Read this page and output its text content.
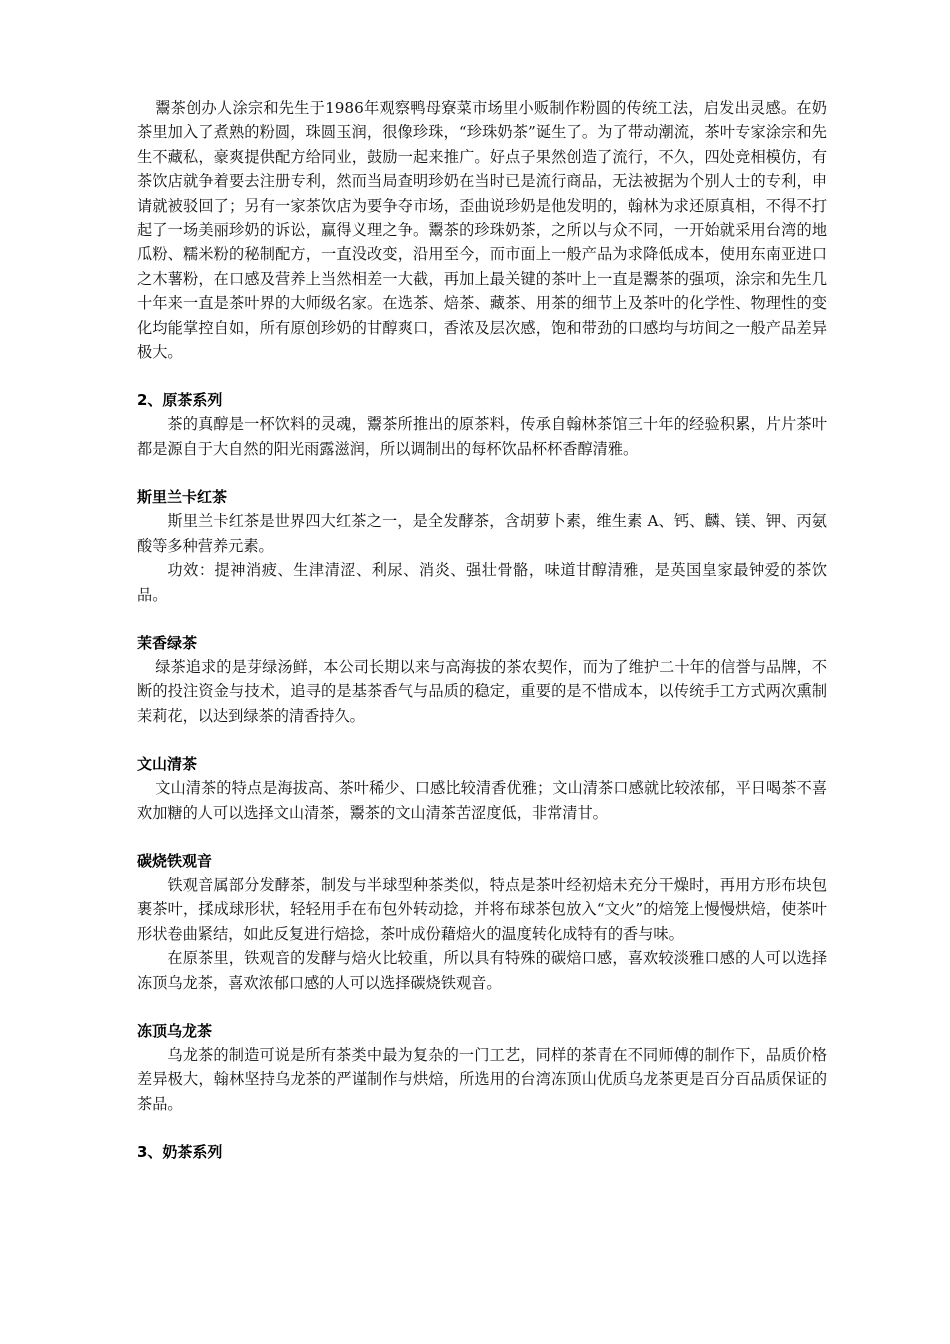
鬻茶创办人涂宗和先生于1986年观察鸭母寮菜市场里小贩制作粉圆的传统工法，启发出灵感。在奶茶里加入了煮熟的粉圆，珠圆玉润，很像珍珠，“珍珠奶茶”诞生了。为了带动潮流，茶叶专家涂宗和先生不藏私，豪爽提供配方给同业，鼓励一起来推广。好点子果然创造了流行，不久，四处竞相模仿，有茶饮店就争着要去注册专利，然而当局查明珍奶在当时已是流行商品，无法被据为个别人士的专利，申请就被驳回了；另有一家茶饮店为要争夺市场，歪曲说珍奶是他发明的，翰林为求还原真相，不得不打起了一场美丽珍奶的诉讼，赢得义理之争。鬻茶的珍珠奶茶，之所以与众不同，一开始就采用台湾的地瓜粉、糯米粉的秘制配方，一直没改变，沿用至今，而市面上一般产品为求降低成本，使用东南亚进口之木薯粉，在口感及营养上当然相差一大截，再加上最关键的茶叶上一直是鬻茶的强项，涂宗和先生几十年来一直是茶叶界的大师级名家。在选茶、焙茶、藏茶、用茶的细节上及茶叶的化学性、物理性的变化均能掌控自如，所有原创珍奶的甘醇爽口，香浓及层次感，饱和带劲的口感均与坊间之一般产品差异极大。

2、原茶系列

茶的真醇是一杯饮料的灵魂，鬻茶所推出的原茶料，传承自翰林茶馆三十年的经验积累，片片茶叶都是源自于大自然的阳光雨露滋润，所以调制出的每杯饮品杯杯香醇清雅。

斯里兰卡红茶

斯里兰卡红茶是世界四大红茶之一，是全发酵茶，含胡萝卜素，维生素 A、钙、麟、镁、钾、丙氨酸等多种营养元素。

功效：提神消疲、生津清涩、利尿、消炎、强壮骨骼，味道甘醇清雅，是英国皇家最钟爱的茶饮品。

茉香绿茶

绿茶追求的是芽绿汤鲜，本公司长期以来与高海拔的茶农契作，而为了维护二十年的信誉与品牌，不断的投注资金与技术，追寻的是基茶香气与品质的稳定，重要的是不惜成本，以传统手工方式两次熏制茉莉花，以达到绿茶的清香持久。

文山清茶

文山清茶的特点是海拔高、茶叶稀少、口感比较清香优雅；文山清茶口感就比较浓郁，平日喝茶不喜欢加糖的人可以选择文山清茶，鬻茶的文山清茶苦涩度低，非常清甘。

碳烧铁观音

铁观音属部分发酵茶，制发与半球型种茶类似，特点是茶叶经初焙未充分干燥时，再用方形布块包裹茶叶，揉成球形状，轻轻用手在布包外转动捻，并将布球茶包放入“文火”的焙笼上慢慢烘焙，使茶叶形状卷曲紧结，如此反复进行焙捻，茶叶成份藉焙火的温度转化成特有的香与味。

在原茶里，铁观音的发酵与焙火比较重，所以具有特殊的碳焙口感，喜欢较淡雅口感的人可以选择冻顶乌龙茶，喜欢浓郁口感的人可以选择碳烧铁观音。

冻顶乌龙茶

乌龙茶的制造可说是所有茶类中最为复杂的一门工艺，同样的茶青在不同师傅的制作下，品质价格差异极大，翰林坚持乌龙茶的严谨制作与烘焙，所选用的台湾冻顶山优质乌龙茶更是百分百品质保证的茶品。

3、奶茶系列
